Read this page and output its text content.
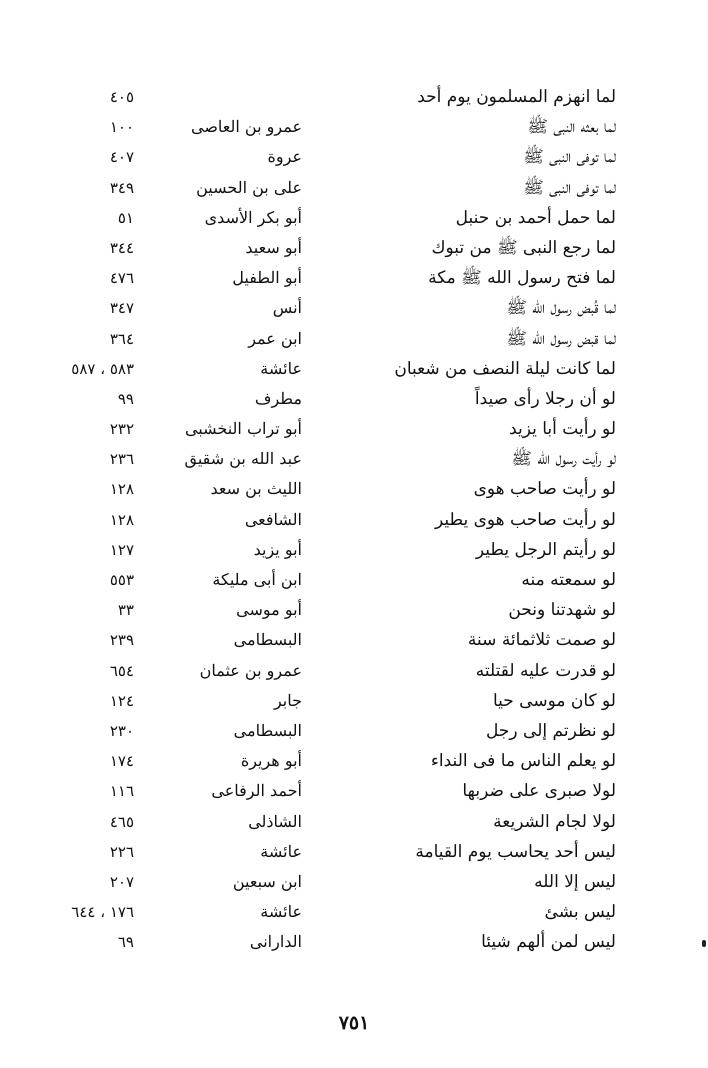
لما انهزم المسلمون يوم أحد
٤٠٥
لما بعثه النبى ﷺ
عمرو بن العاصى
١٠٠
لما توفى النبى ﷺ
عروة
٤٠٧
لما توفى النبى ﷺ
على بن الحسين
٣٤٩
لما حمل أحمد بن حنبل
أبو بكر الأسدى
٥١
لما رجع النبى ﷺ من تبوك
أبو سعيد
٣٤٤
لما فتح رسول الله ﷺ مكة
أبو الطفيل
٤٧٦
لما قُبض رسول الله ﷺ
أنس
٣٤٧
لما قبض رسول الله ﷺ
ابن عمر
٣٦٤
لما كانت ليلة النصف من شعبان
عائشة
٥٨٣ ، ٥٨٧
لو أن رجلا رأى صيداً
مطرف
٩٩
لو رأيت أبا يزيد
أبو تراب النخشبى
٢٣٢
لو رأيت رسول الله ﷺ
عبد الله بن شقيق
٢٣٦
لو رأيت صاحب هوى
الليث بن سعد
١٢٨
لو رأيت صاحب هوى يطير
الشافعى
١٢٨
لو رأيتم الرجل يطير
أبو يزيد
١٢٧
لو سمعته منه
ابن أبى مليكة
٥٥٣
لو شهدتنا ونحن
أبو موسى
٣٣
لو صمت ثلاثمائة سنة
البسطامى
٢٣٩
لو قدرت عليه لقتلته
عمرو بن عثمان
٦٥٤
لو كان موسى حيا
جابر
١٢٤
لو نظرتم إلى رجل
البسطامى
٢٣٠
لو يعلم الناس ما فى النداء
أبو هريرة
١٧٤
لولا صبرى على ضربها
أحمد الرفاعى
١١٦
لولا لجام الشريعة
الشاذلى
٤٦٥
ليس أحد يحاسب يوم القيامة
عائشة
٢٢٦
ليس إلا الله
ابن سبعين
٢٠٧
ليس بشئ
عائشة
١٧٦ ، ٦٤٤
ليس لمن ألهم شيئا
الدارانى
٦٩
٧٥١
